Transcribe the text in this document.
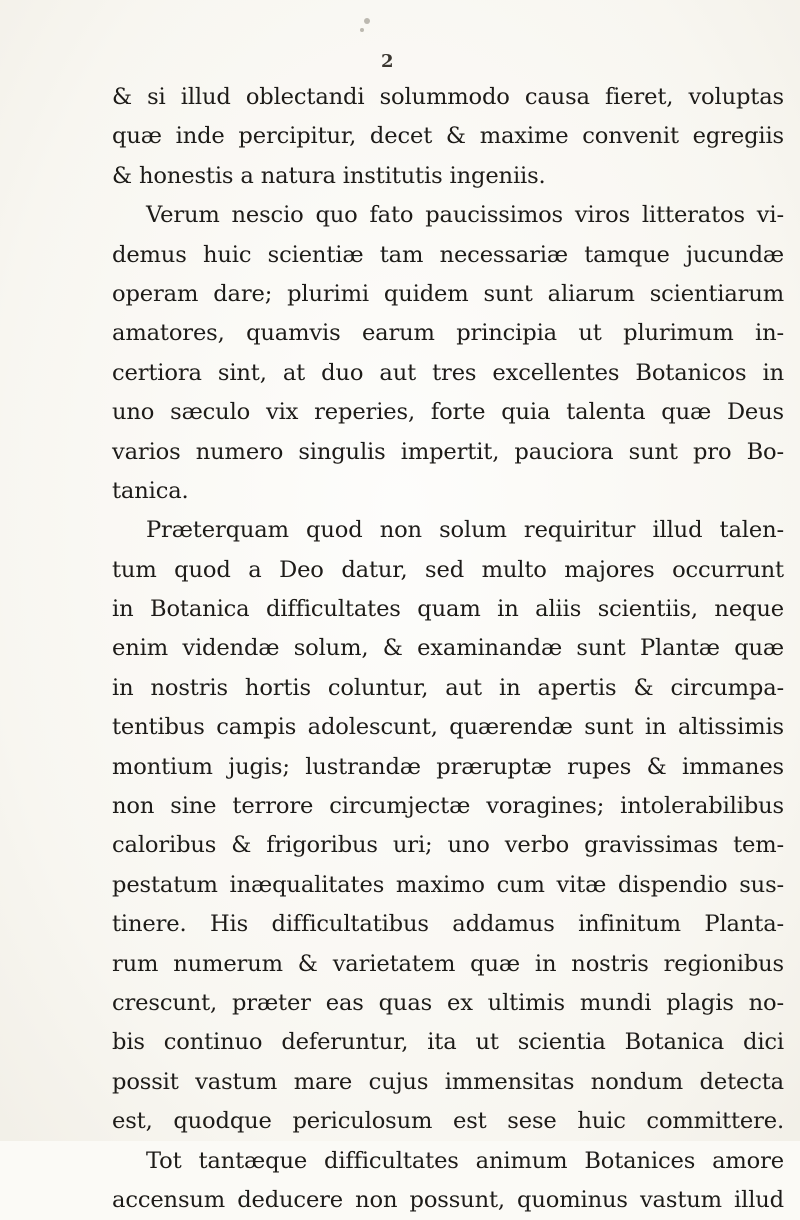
2
& si illud oblectandi solummodo causa fieret, voluptas
quæ inde percipitur, decet & maxime convenit egregiis
& honestis a natura institutis ingeniis.
Verum nescio quo fato paucissimos viros litteratos vi-
demus huic scientiæ tam necessariæ tamque jucundæ
operam dare; plurimi quidem sunt aliarum scientiarum
amatores, quamvis earum principia ut plurimum in-
certiora sint, at duo aut tres excellentes Botanicos in
uno sæculo vix reperies, forte quia talenta quæ Deus
varios numero singulis impertit, pauciora sunt pro Bo-
tanica.
Præterquam quod non solum requiritur illud talen-
tum quod a Deo datur, sed multo majores occurrunt
in Botanica difficultates quam in aliis scientiis, neque
enim videndæ solum, & examinandæ sunt Plantæ quæ
in nostris hortis coluntur, aut in apertis & circumpa-
tentibus campis adolescunt, quærendæ sunt in altissimis
montium jugis; lustrandæ præruptæ rupes & immanes
non sine terrore circumjectæ voragines; intolerabilibus
caloribus & frigoribus uri; uno verbo gravissimas tem-
pestatum inæqualitates maximo cum vitæ dispendio sus-
tinere. His difficultatibus addamus infinitum Planta-
rum numerum & varietatem quæ in nostris regionibus
crescunt, præter eas quas ex ultimis mundi plagis no-
bis continuo deferuntur, ita ut scientia Botanica dici
possit vastum mare cujus immensitas nondum detecta
est, quodque periculosum est sese huic committere.
Tot tantæque difficultates animum Botanices amore
accensum deducere non possunt, quominus vastum illud
